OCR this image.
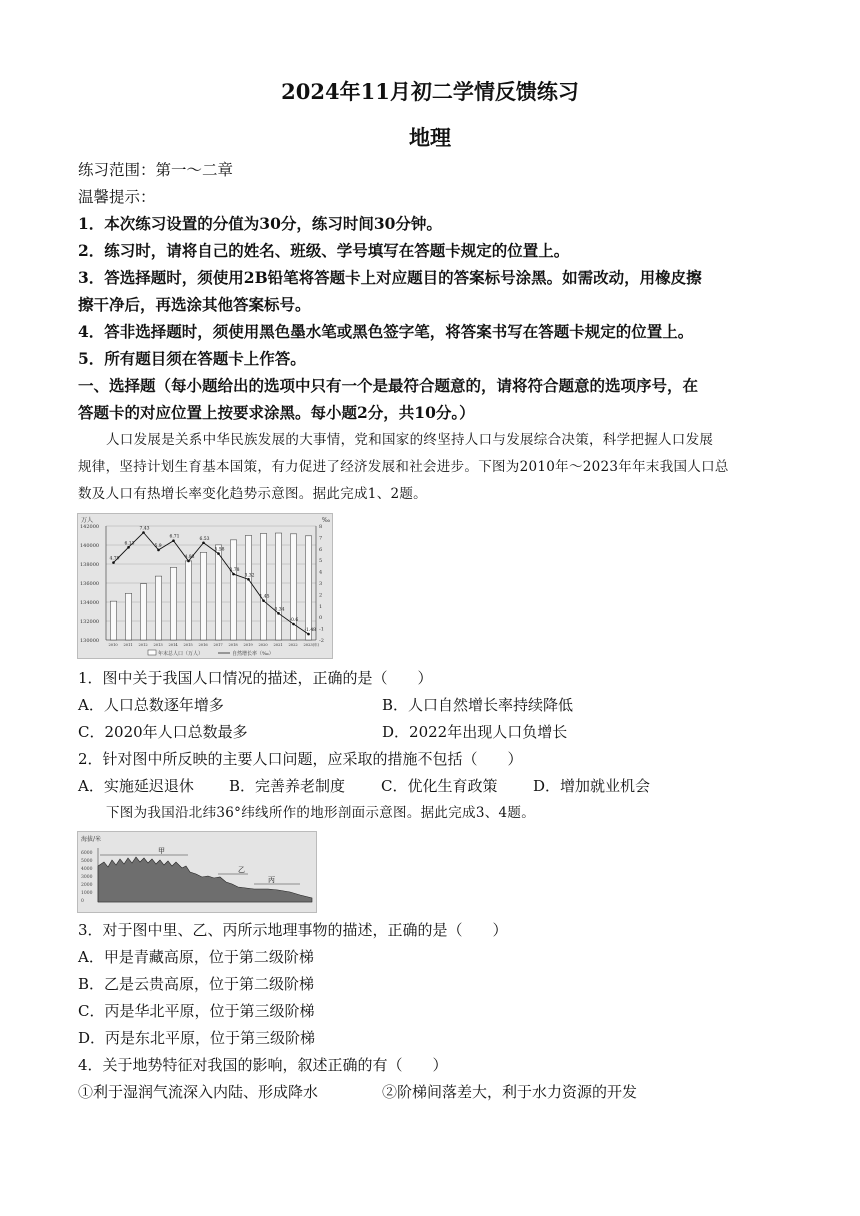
2024年11月初二学情反馈练习
地理
练习范围：第一～二章
温馨提示：
1．本次练习设置的分值为30分，练习时间30分钟。
2．练习时，请将自己的姓名、班级、学号填写在答题卡规定的位置上。
3．答选择题时，须使用2B铅笔将答题卡上对应题目的答案标号涂黑。如需改动，用橡皮擦
擦干净后，再选涂其他答案标号。
4．答非选择题时，须使用黑色墨水笔或黑色签字笔，将答案书写在答题卡规定的位置上。
5．所有题目须在答题卡上作答。
一、选择题（每小题给出的选项中只有一个是最符合题意的，请将符合题意的选项序号，在
答题卡的对应位置上按要求涂黑。每小题2分，共10分。）
人口发展是关系中华民族发展的大事情，党和国家的终坚持人口与发展综合决策，科学把握人口发展
规律，坚持计划生育基本国策，有力促进了经济发展和社会进步。下图为2010年～2023年年末我国人口总
数及人口有热增长率变化趋势示意图。据此完成1、2题。
万人	‰
4.79
6.13
7.43
5.9
6.71
4.93
6.53
5.58
3.78
3.32
1.45
0.34
-0.6
-1.48
130000
132000
134000
136000
138000
140000
142000
-2
-1
0
1
2
3
4
5
6
7
8
2010 2011 2012 2013 2014 2015 2016 2017 2018 2019 2020 2021 2022 2023(年)
年末总人口（万人）	自然增长率（‰）
1．图中关于我国人口情况的描述，正确的是（　　）
A．人口总数逐年增多	B．人口自然增长率持续降低
C．2020年人口总数最多	D．2022年出现人口负增长
2．针对图中所反映的主要人口问题，应采取的措施不包括（　　）
A．实施延迟退休 B．完善养老制度 C．优化生育政策 D．增加就业机会
下图为我国沿北纬36°纬线所作的地形剖面示意图。据此完成3、4题。
海拔/米
6000
5000
4000
3000
2000
1000
0
甲
乙
丙
3．对于图中里、乙、丙所示地理事物的描述，正确的是（　　）
A．甲是青藏高原，位于第二级阶梯
B．乙是云贵高原，位于第二级阶梯
C．丙是华北平原，位于第三级阶梯
D．丙是东北平原，位于第三级阶梯
4．关于地势特征对我国的影响，叙述正确的有（　　）
①利于湿润气流深入内陆、形成降水	②阶梯间落差大，利于水力资源的开发
